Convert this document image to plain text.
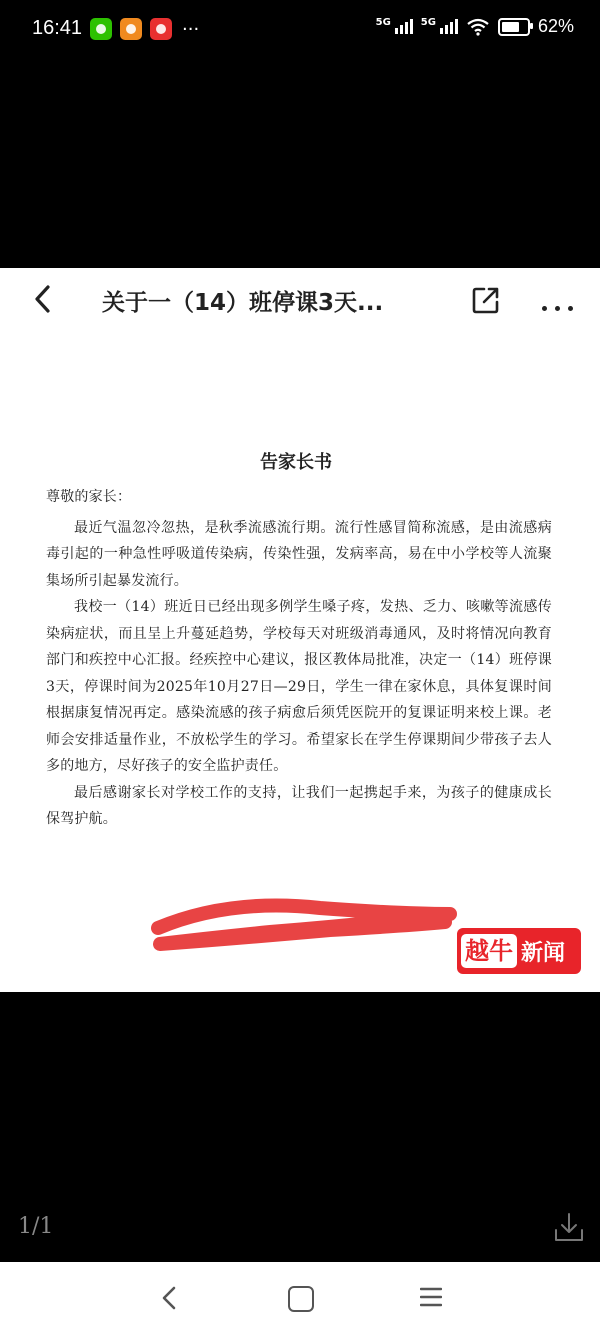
16:41	···	5G	5G	62%
关于一（14）班停课3天...
告家长书

尊敬的家长：

最近气温忽冷忽热，是秋季流感流行期。流行性感冒简称流感，是由流感病毒引起的一种急性呼吸道传染病，传染性强，发病率高，易在中小学校等人流聚集场所引起暴发流行。

我校一（14）班近日已经出现多例学生嗓子疼，发热、乏力、咳嗽等流感传染病症状，而且呈上升蔓延趋势，学校每天对班级消毒通风，及时将情况向教育部门和疾控中心汇报。经疾控中心建议，报区教体局批准，决定一（14）班停课3天，停课时间为2025年10月27日—29日，学生一律在家休息，具体复课时间根据康复情况再定。感染流感的孩子病愈后须凭医院开的复课证明来校上课。老师会安排适量作业，不放松学生的学习。希望家长在学生停课期间少带孩子去人多的地方，尽好孩子的安全监护责任。

最后感谢家长对学校工作的支持，让我们一起携起手来，为孩子的健康成长保驾护航。

越牛 新闻
1/1
